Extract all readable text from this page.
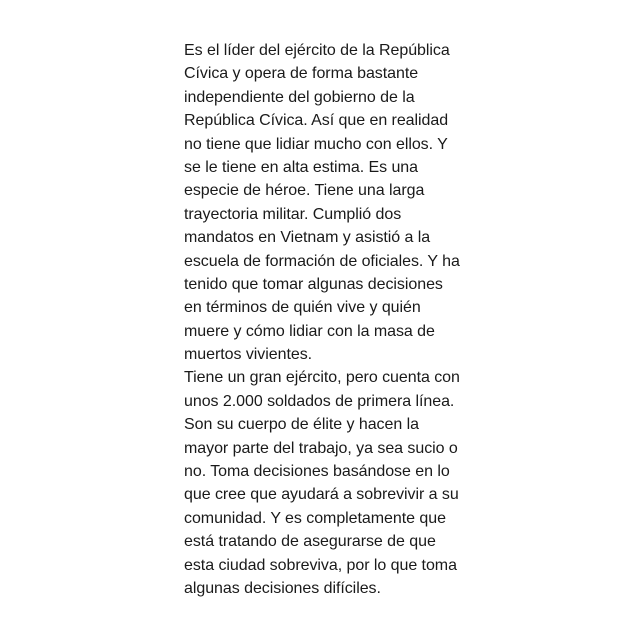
Es el líder del ejército de la República
Cívica y opera de forma bastante
independiente del gobierno de la
República Cívica. Así que en realidad
no tiene que lidiar mucho con ellos. Y
se le tiene en alta estima. Es una
especie de héroe. Tiene una larga
trayectoria militar. Cumplió dos
mandatos en Vietnam y asistió a la
escuela de formación de oficiales. Y ha
tenido que tomar algunas decisiones
en términos de quién vive y quién
muere y cómo lidiar con la masa de
muertos vivientes.
Tiene un gran ejército, pero cuenta con
unos 2.000 soldados de primera línea.
Son su cuerpo de élite y hacen la
mayor parte del trabajo, ya sea sucio o
no. Toma decisiones basándose en lo
que cree que ayudará a sobrevivir a su
comunidad. Y es completamente que
está tratando de asegurarse de que
esta ciudad sobreviva, por lo que toma
algunas decisiones difíciles.
